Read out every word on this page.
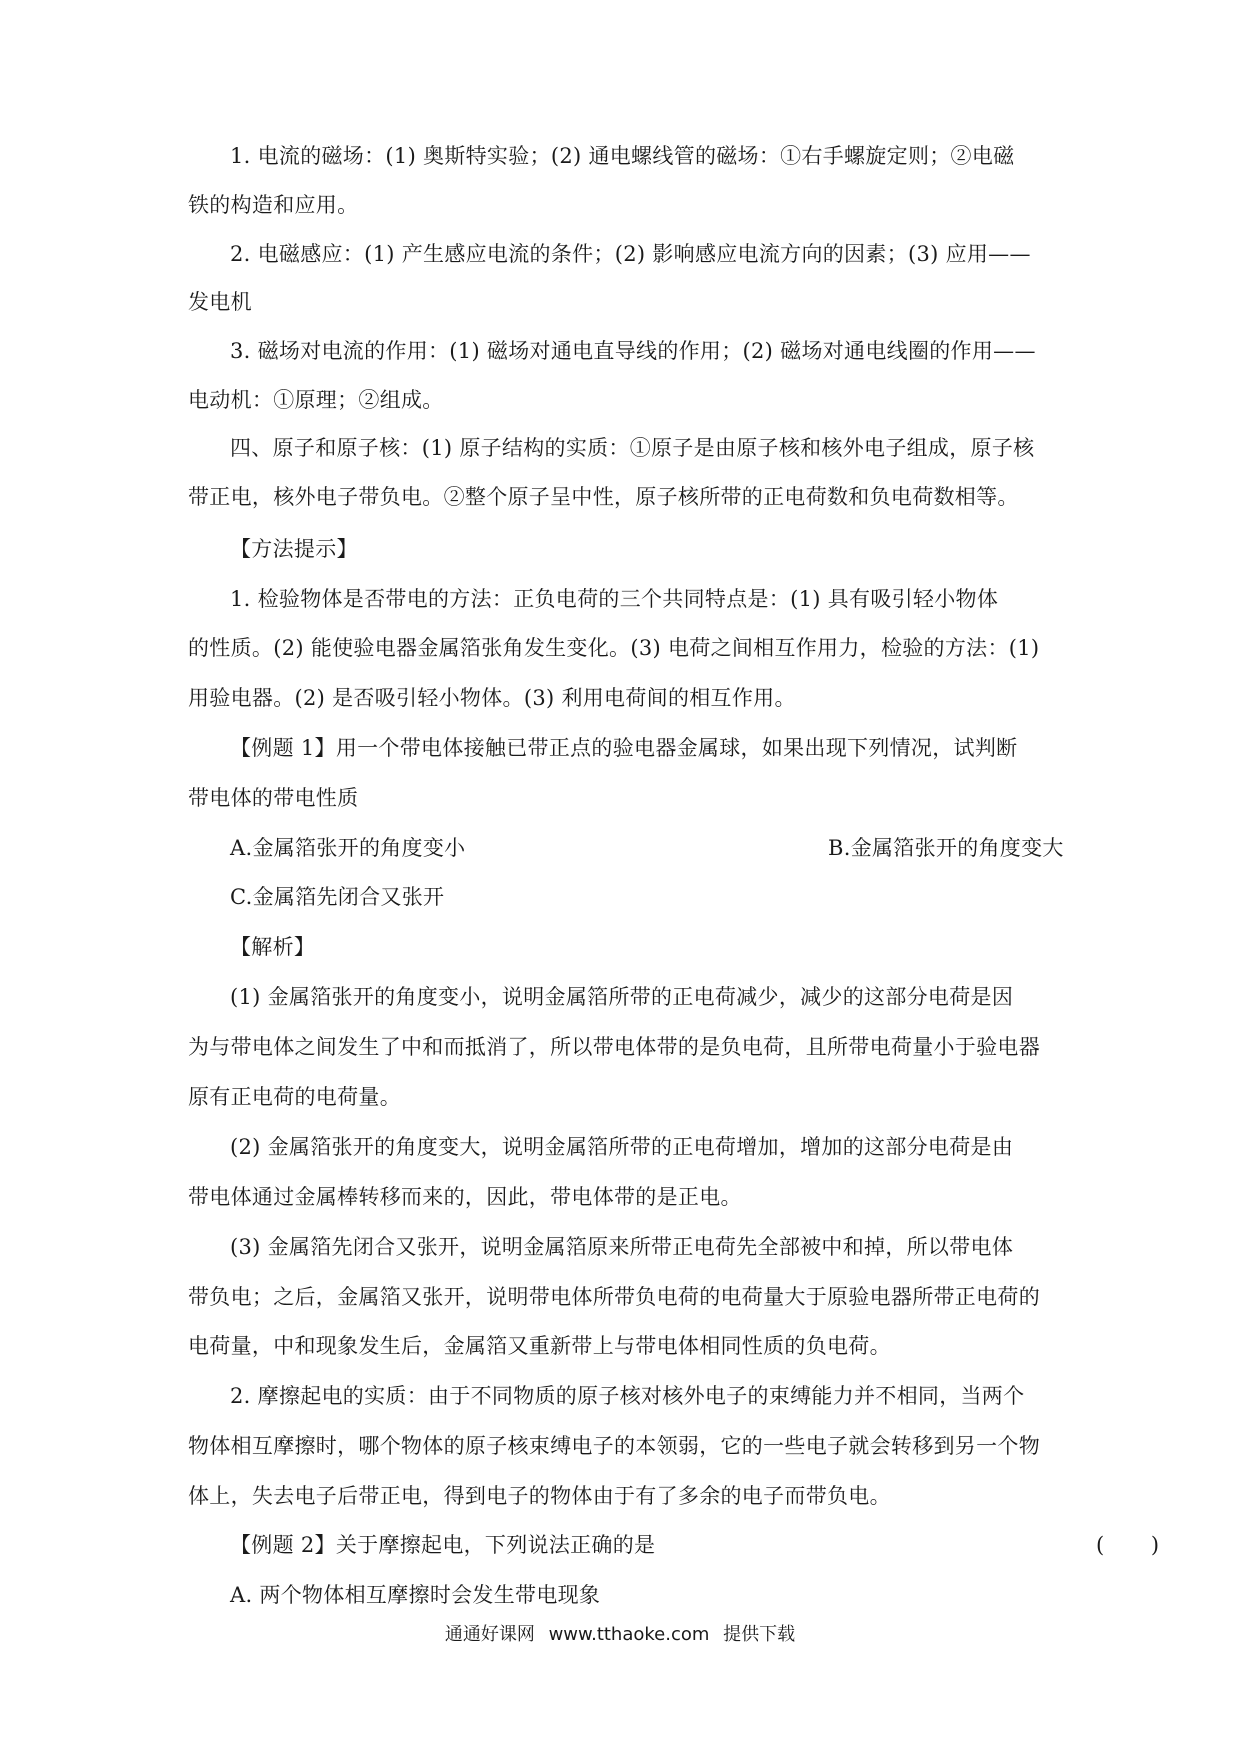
1. 电流的磁场：(1) 奥斯特实验；(2) 通电螺线管的磁场：①右手螺旋定则；②电磁
铁的构造和应用。
2. 电磁感应：(1) 产生感应电流的条件；(2) 影响感应电流方向的因素；(3) 应用——
发电机
3. 磁场对电流的作用：(1) 磁场对通电直导线的作用；(2) 磁场对通电线圈的作用——
电动机：①原理；②组成。
四、原子和原子核：(1) 原子结构的实质：①原子是由原子核和核外电子组成，原子核
带正电，核外电子带负电。②整个原子呈中性，原子核所带的正电荷数和负电荷数相等。
【方法提示】
1. 检验物体是否带电的方法：正负电荷的三个共同特点是：(1) 具有吸引轻小物体
的性质。(2) 能使验电器金属箔张角发生变化。(3) 电荷之间相互作用力，检验的方法：(1)
用验电器。(2) 是否吸引轻小物体。(3) 利用电荷间的相互作用。
【例题 1】用一个带电体接触已带正点的验电器金属球，如果出现下列情况，试判断
带电体的带电性质
A.金属箔张开的角度变小	B.金属箔张开的角度变大
C.金属箔先闭合又张开
【解析】
(1) 金属箔张开的角度变小，说明金属箔所带的正电荷减少，减少的这部分电荷是因
为与带电体之间发生了中和而抵消了，所以带电体带的是负电荷，且所带电荷量小于验电器
原有正电荷的电荷量。
(2) 金属箔张开的角度变大，说明金属箔所带的正电荷增加，增加的这部分电荷是由
带电体通过金属棒转移而来的，因此，带电体带的是正电。
(3) 金属箔先闭合又张开，说明金属箔原来所带正电荷先全部被中和掉，所以带电体
带负电；之后，金属箔又张开，说明带电体所带负电荷的电荷量大于原验电器所带正电荷的
电荷量，中和现象发生后，金属箔又重新带上与带电体相同性质的负电荷。
2. 摩擦起电的实质：由于不同物质的原子核对核外电子的束缚能力并不相同，当两个
物体相互摩擦时，哪个物体的原子核束缚电子的本领弱，它的一些电子就会转移到另一个物
体上，失去电子后带正电，得到电子的物体由于有了多余的电子而带负电。
【例题 2】关于摩擦起电，下列说法正确的是	( )
A. 两个物体相互摩擦时会发生带电现象
通通好课网 www.tthaoke.com 提供下载
